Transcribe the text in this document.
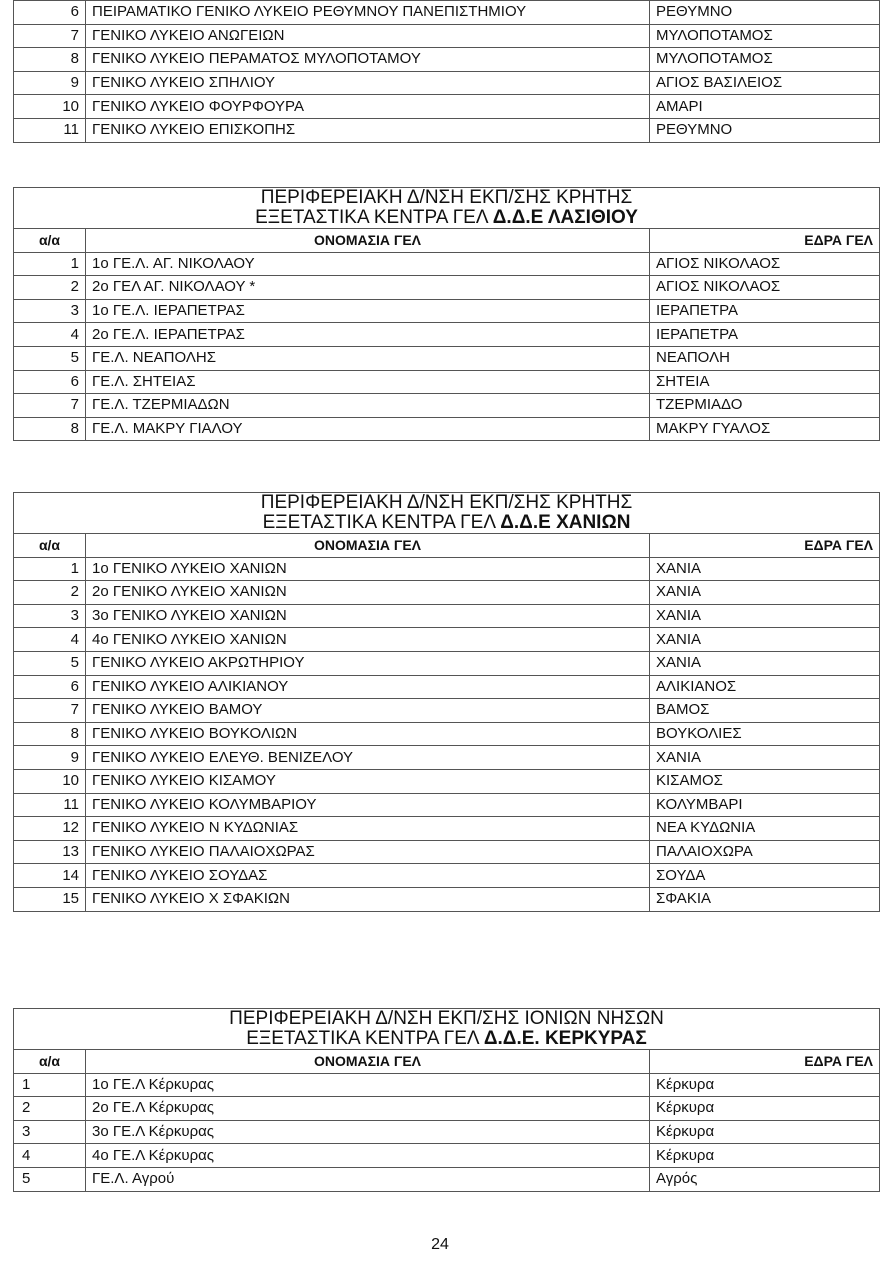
6	ΠΕΙΡΑΜΑΤΙΚΟ ΓΕΝΙΚΟ ΛΥΚΕΙΟ ΡΕΘΥΜΝΟΥ ΠΑΝΕΠΙΣΤΗΜΙΟΥ	ΡΕΘΥΜΝΟ
7	ΓΕΝΙΚΟ ΛΥΚΕΙΟ ΑΝΩΓΕΙΩΝ	ΜΥΛΟΠΟΤΑΜΟΣ
8	ΓΕΝΙΚΟ ΛΥΚΕΙΟ ΠΕΡΑΜΑΤΟΣ ΜΥΛΟΠΟΤΑΜΟΥ	ΜΥΛΟΠΟΤΑΜΟΣ
9	ΓΕΝΙΚΟ ΛΥΚΕΙΟ ΣΠΗΛΙΟΥ	ΑΓΙΟΣ ΒΑΣΙΛΕΙΟΣ
10	ΓΕΝΙΚΟ ΛΥΚΕΙΟ ΦΟΥΡΦΟΥΡΑ	ΑΜΑΡΙ
11	ΓΕΝΙΚΟ ΛΥΚΕΙΟ ΕΠΙΣΚΟΠΗΣ	ΡΕΘΥΜΝΟ
ΠΕΡΙΦΕΡΕΙΑΚΗ Δ/ΝΣΗ ΕΚΠ/ΣΗΣ ΚΡΗΤΗΣ
ΕΞΕΤΑΣΤΙΚΑ ΚΕΝΤΡΑ ΓΕΛ Δ.Δ.Ε ΛΑΣΙΘΙΟΥ		

α/α	ΟΝΟΜΑΣΙΑ ΓΕΛ	ΕΔΡΑ ΓΕΛ
1	1ο ΓΕ.Λ. ΑΓ. ΝΙΚΟΛΑΟΥ	ΑΓΙΟΣ ΝΙΚΟΛΑΟΣ
2	2ο ΓΕΛ ΑΓ. ΝΙΚΟΛΑΟΥ *	ΑΓΙΟΣ ΝΙΚΟΛΑΟΣ
3	1ο ΓΕ.Λ. ΙΕΡΑΠΕΤΡΑΣ	ΙΕΡΑΠΕΤΡΑ
4	2ο ΓΕ.Λ. ΙΕΡΑΠΕΤΡΑΣ	ΙΕΡΑΠΕΤΡΑ
5	ΓΕ.Λ. ΝΕΑΠΟΛΗΣ	ΝΕΑΠΟΛΗ
6	ΓΕ.Λ. ΣΗΤΕΙΑΣ	ΣΗΤΕΙΑ
7	ΓΕ.Λ. ΤΖΕΡΜΙΑΔΩΝ	ΤΖΕΡΜΙΑΔΟ
8	ΓΕ.Λ. ΜΑΚΡΥ ΓΙΑΛΟΥ	ΜΑΚΡΥ ΓΥΑΛΟΣ
ΠΕΡΙΦΕΡΕΙΑΚΗ Δ/ΝΣΗ ΕΚΠ/ΣΗΣ ΚΡΗΤΗΣ
ΕΞΕΤΑΣΤΙΚΑ ΚΕΝΤΡΑ ΓΕΛ Δ.Δ.Ε ΧΑΝΙΩΝ		

α/α	ΟΝΟΜΑΣΙΑ ΓΕΛ	ΕΔΡΑ ΓΕΛ
1	1ο ΓΕΝΙΚΟ ΛΥΚΕΙΟ ΧΑΝΙΩΝ	ΧΑΝΙΑ
2	2ο ΓΕΝΙΚΟ ΛΥΚΕΙΟ ΧΑΝΙΩΝ	ΧΑΝΙΑ
3	3ο ΓΕΝΙΚΟ ΛΥΚΕΙΟ ΧΑΝΙΩΝ	ΧΑΝΙΑ
4	4ο ΓΕΝΙΚΟ ΛΥΚΕΙΟ ΧΑΝΙΩΝ	ΧΑΝΙΑ
5	ΓΕΝΙΚΟ ΛΥΚΕΙΟ ΑΚΡΩΤΗΡΙΟΥ	ΧΑΝΙΑ
6	ΓΕΝΙΚΟ ΛΥΚΕΙΟ ΑΛΙΚΙΑΝΟΥ	ΑΛΙΚΙΑΝΟΣ
7	ΓΕΝΙΚΟ ΛΥΚΕΙΟ ΒΑΜΟΥ	ΒΑΜΟΣ
8	ΓΕΝΙΚΟ ΛΥΚΕΙΟ ΒΟΥΚΟΛΙΩΝ	ΒΟΥΚΟΛΙΕΣ
9	ΓΕΝΙΚΟ ΛΥΚΕΙΟ ΕΛΕΥΘ. ΒΕΝΙΖΕΛΟΥ	ΧΑΝΙΑ
10	ΓΕΝΙΚΟ ΛΥΚΕΙΟ ΚΙΣΑΜΟΥ	ΚΙΣΑΜΟΣ
11	ΓΕΝΙΚΟ ΛΥΚΕΙΟ ΚΟΛΥΜΒΑΡΙΟΥ	ΚΟΛΥΜΒΑΡΙ
12	ΓΕΝΙΚΟ ΛΥΚΕΙΟ Ν ΚΥΔΩΝΙΑΣ	ΝΕΑ ΚΥΔΩΝΙΑ
13	ΓΕΝΙΚΟ ΛΥΚΕΙΟ ΠΑΛΑΙΟΧΩΡΑΣ	ΠΑΛΑΙΟΧΩΡΑ
14	ΓΕΝΙΚΟ ΛΥΚΕΙΟ ΣΟΥΔΑΣ	ΣΟΥΔΑ
15	ΓΕΝΙΚΟ ΛΥΚΕΙΟ Χ ΣΦΑΚΙΩΝ	ΣΦΑΚΙΑ
ΠΕΡΙΦΕΡΕΙΑΚΗ Δ/ΝΣΗ ΕΚΠ/ΣΗΣ ΙΟΝΙΩΝ ΝΗΣΩΝ
ΕΞΕΤΑΣΤΙΚΑ ΚΕΝΤΡΑ ΓΕΛ Δ.Δ.Ε. ΚΕΡΚΥΡΑΣ		

α/α	ΟΝΟΜΑΣΙΑ ΓΕΛ	ΕΔΡΑ ΓΕΛ
1	1ο ΓΕ.Λ Κέρκυρας	Κέρκυρα
2	2ο ΓΕ.Λ Κέρκυρας	Κέρκυρα
3	3ο ΓΕ.Λ Κέρκυρας	Κέρκυρα
4	4ο ΓΕ.Λ Κέρκυρας	Κέρκυρα
5	ΓΕ.Λ. Αγρού	Αγρός
24
